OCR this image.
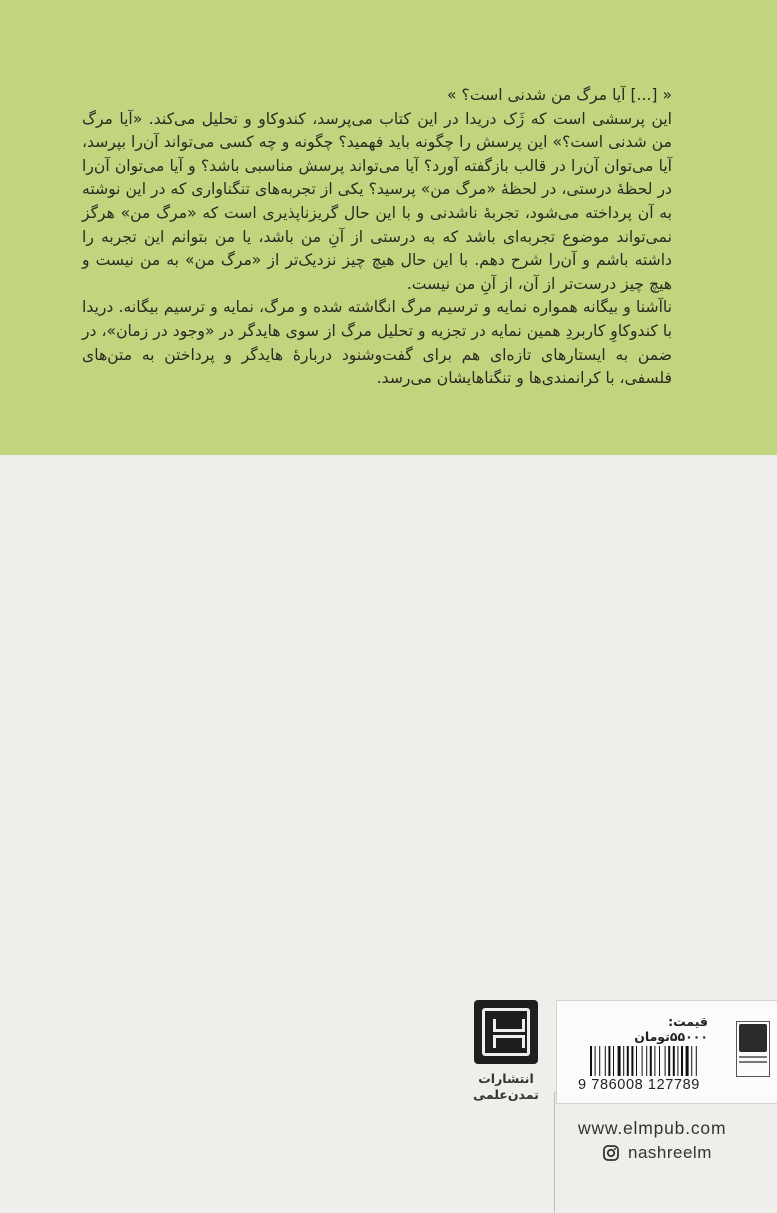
« [...] آیا مرگ من شدنی است؟ »

این پرسشی است که ژَک دریدا در این کتاب می‌پرسد، کندوکاو و تحلیل می‌کند. «آیا مرگ من شدنی است؟» این پرسش را چگونه باید فهمید؟ چگونه و چه کسی می‌تواند آن‌را بپرسد، آیا می‌توان آن‌را در قالب بازگفته آورد؟ آیا می‌تواند پرسش مناسبی باشد؟ و آیا می‌توان آن‌را در لحظهٔ درستی، در لحظهٔ «مرگ من» پرسید؟ یکی از تجربه‌های تنگناواری که در این نوشته به آن پرداخته می‌شود، تجربهٔ ناشدنی و با این حال گریزناپذیری است که «مرگ من» هرگز نمی‌تواند موضوع تجربه‌ای باشد که به درستی از آنِ من باشد، یا من بتوانم این تجربه را داشته باشم و آن‌را شرح دهم. با این حال هیچ چیز نزدیک‌تر از «مرگ من» به من نیست و هیچ چیز درست‌تر از آن، از آنِ من نیست.

ناآشنا و بیگانه همواره نمایه و ترسیم مرگ انگاشته شده و مرگ، نمایه و ترسیم بیگانه. دریدا با کندوکاوِ کاربردِ همین نمایه در تجزیه و تحلیل مرگ از سوی هایدگر در «وجود در زمان»، در ضمن به ایستارهای تازه‌ای هم برای گفت‌وشنود دربارهٔ هایدگر و پرداختن به متن‌های فلسفی، با کرانمندی‌ها و تنگناهایشان می‌رسد.

انتشارات
تمدن‌علمی
قیمت: ۵۵۰۰۰تومان
9 786008 127789
www.elmpub.com
nashreelm
